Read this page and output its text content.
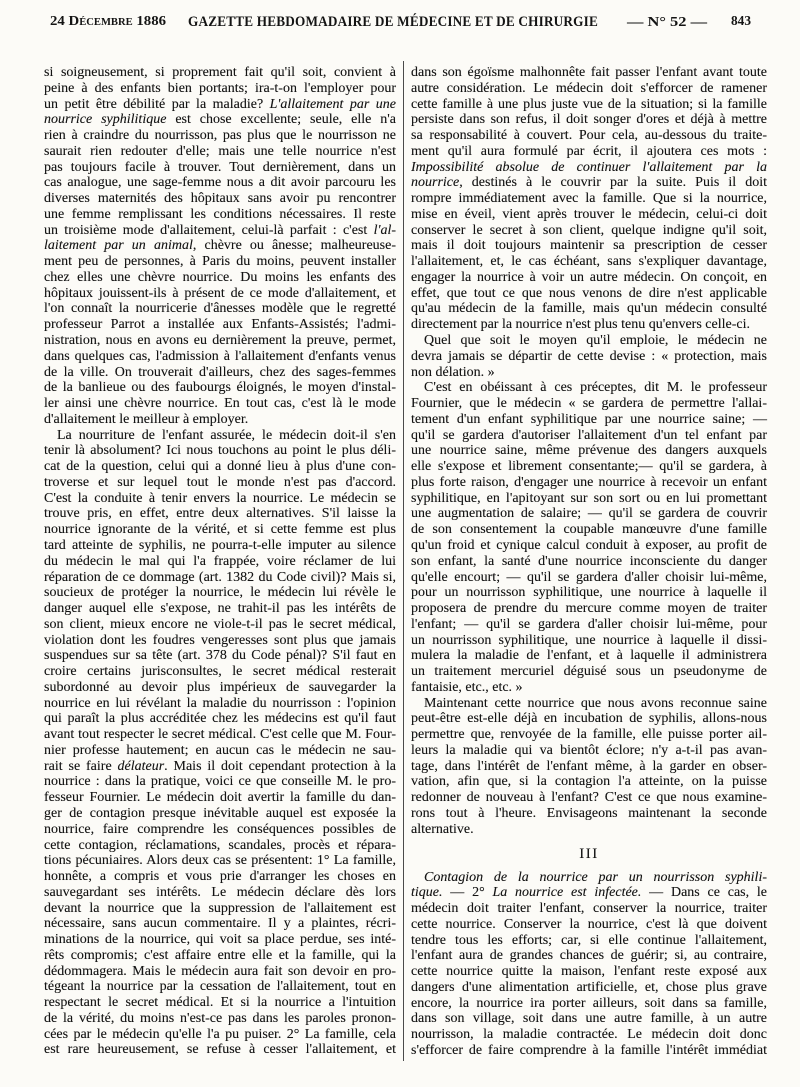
24 Décembre 1886 GAZETTE HEBDOMADAIRE DE MÉDECINE ET DE CHIRURGIE — N° 52 — 843
si soigneusement, si proprement fait qu'il soit, convient à
peine à des enfants bien portants; ira-t-on l'employer pour
un petit être débilité par la maladie? L'allaitement par une
nourrice syphilitique est chose excellente; seule, elle n'a
rien à craindre du nourrisson, pas plus que le nourrisson ne
saurait rien redouter d'elle; mais une telle nourrice n'est
pas toujours facile à trouver. Tout dernièrement, dans un
cas analogue, une sage-femme nous a dit avoir parcouru les
diverses maternités des hôpitaux sans avoir pu rencontrer
une femme remplissant les conditions nécessaires. Il reste
un troisième mode d'allaitement, celui-là parfait : c'est l'al-
laitement par un animal, chèvre ou ânesse; malheureuse-
ment peu de personnes, à Paris du moins, peuvent installer
chez elles une chèvre nourrice. Du moins les enfants des
hôpitaux jouissent-ils à présent de ce mode d'allaitement, et
l'on connaît la nourricerie d'ânesses modèle que le regretté
professeur Parrot a installée aux Enfants-Assistés; l'admi-
nistration, nous en avons eu dernièrement la preuve, permet,
dans quelques cas, l'admission à l'allaitement d'enfants venus
de la ville. On trouverait d'ailleurs, chez des sages-femmes
de la banlieue ou des faubourgs éloignés, le moyen d'instal-
ler ainsi une chèvre nourrice. En tout cas, c'est là le mode
d'allaitement le meilleur à employer.
La nourriture de l'enfant assurée, le médecin doit-il s'en
tenir là absolument? Ici nous touchons au point le plus déli-
cat de la question, celui qui a donné lieu à plus d'une con-
troverse et sur lequel tout le monde n'est pas d'accord.
C'est la conduite à tenir envers la nourrice. Le médecin se
trouve pris, en effet, entre deux alternatives. S'il laisse la
nourrice ignorante de la vérité, et si cette femme est plus
tard atteinte de syphilis, ne pourra-t-elle imputer au silence
du médecin le mal qui l'a frappée, voire réclamer de lui
réparation de ce dommage (art. 1382 du Code civil)? Mais si,
soucieux de protéger la nourrice, le médecin lui révèle le
danger auquel elle s'expose, ne trahit-il pas les intérêts de
son client, mieux encore ne viole-t-il pas le secret médical,
violation dont les foudres vengeresses sont plus que jamais
suspendues sur sa tête (art. 378 du Code pénal)? S'il faut en
croire certains jurisconsultes, le secret médical resterait
subordonné au devoir plus impérieux de sauvegarder la
nourrice en lui révélant la maladie du nourrisson : l'opinion
qui paraît la plus accréditée chez les médecins est qu'il faut
avant tout respecter le secret médical. C'est celle que M. Four-
nier professe hautement; en aucun cas le médecin ne sau-
rait se faire délateur. Mais il doit cependant protection à la
nourrice : dans la pratique, voici ce que conseille M. le pro-
fesseur Fournier. Le médecin doit avertir la famille du dan-
ger de contagion presque inévitable auquel est exposée la
nourrice, faire comprendre les conséquences possibles de
cette contagion, réclamations, scandales, procès et répara-
tions pécuniaires. Alors deux cas se présentent: 1° La famille,
honnête, a compris et vous prie d'arranger les choses en
sauvegardant ses intérêts. Le médecin déclare dès lors
devant la nourrice que la suppression de l'allaitement est
nécessaire, sans aucun commentaire. Il y a plaintes, récri-
minations de la nourrice, qui voit sa place perdue, ses inté-
rêts compromis; c'est affaire entre elle et la famille, qui la
dédommagera. Mais le médecin aura fait son devoir en pro-
tégeant la nourrice par la cessation de l'allaitement, tout en
respectant le secret médical. Et si la nourrice a l'intuition
de la vérité, du moins n'est-ce pas dans les paroles pronon-
cées par le médecin qu'elle l'a pu puiser. 2° La famille, cela
est rare heureusement, se refuse à cesser l'allaitement, et
dans son égoïsme malhonnête fait passer l'enfant avant toute
autre considération. Le médecin doit s'efforcer de ramener
cette famille à une plus juste vue de la situation; si la famille
persiste dans son refus, il doit songer d'ores et déjà à mettre
sa responsabilité à couvert. Pour cela, au-dessous du traite-
ment qu'il aura formulé par écrit, il ajoutera ces mots :
Impossibilité absolue de continuer l'allaitement par la
nourrice, destinés à le couvrir par la suite. Puis il doit
rompre immédiatement avec la famille. Que si la nourrice,
mise en éveil, vient après trouver le médecin, celui-ci doit
conserver le secret à son client, quelque indigne qu'il soit,
mais il doit toujours maintenir sa prescription de cesser
l'allaitement, et, le cas échéant, sans s'expliquer davantage,
engager la nourrice à voir un autre médecin. On conçoit, en
effet, que tout ce que nous venons de dire n'est applicable
qu'au médecin de la famille, mais qu'un médecin consulté
directement par la nourrice n'est plus tenu qu'envers celle-ci.
Quel que soit le moyen qu'il emploie, le médecin ne
devra jamais se départir de cette devise : « protection, mais
non délation. »
C'est en obéissant à ces préceptes, dit M. le professeur
Fournier, que le médecin « se gardera de permettre l'allai-
tement d'un enfant syphilitique par une nourrice saine; —
qu'il se gardera d'autoriser l'allaitement d'un tel enfant par
une nourrice saine, même prévenue des dangers auxquels
elle s'expose et librement consentante;— qu'il se gardera, à
plus forte raison, d'engager une nourrice à recevoir un enfant
syphilitique, en l'apitoyant sur son sort ou en lui promettant
une augmentation de salaire; — qu'il se gardera de couvrir
de son consentement la coupable manœuvre d'une famille
qu'un froid et cynique calcul conduit à exposer, au profit de
son enfant, la santé d'une nourrice inconsciente du danger
qu'elle encourt; — qu'il se gardera d'aller choisir lui-même,
pour un nourrisson syphilitique, une nourrice à laquelle il
proposera de prendre du mercure comme moyen de traiter
l'enfant; — qu'il se gardera d'aller choisir lui-même, pour
un nourrisson syphilitique, une nourrice à laquelle il dissi-
mulera la maladie de l'enfant, et à laquelle il administrera
un traitement mercuriel déguisé sous un pseudonyme de
fantaisie, etc., etc. »
Maintenant cette nourrice que nous avons reconnue saine
peut-être est-elle déjà en incubation de syphilis, allons-nous
permettre que, renvoyée de la famille, elle puisse porter ail-
leurs la maladie qui va bientôt éclore; n'y a-t-il pas avan-
tage, dans l'intérêt de l'enfant même, à la garder en obser-
vation, afin que, si la contagion l'a atteinte, on la puisse
redonner de nouveau à l'enfant? C'est ce que nous examine-
rons tout à l'heure. Envisageons maintenant la seconde
alternative.
III
Contagion de la nourrice par un nourrisson syphili-
tique. — 2° La nourrice est infectée. — Dans ce cas, le
médecin doit traiter l'enfant, conserver la nourrice, traiter
cette nourrice. Conserver la nourrice, c'est là que doivent
tendre tous les efforts; car, si elle continue l'allaitement,
l'enfant aura de grandes chances de guérir; si, au contraire,
cette nourrice quitte la maison, l'enfant reste exposé aux
dangers d'une alimentation artificielle, et, chose plus grave
encore, la nourrice ira porter ailleurs, soit dans sa famille,
dans son village, soit dans une autre famille, à un autre
nourrisson, la maladie contractée. Le médecin doit donc
s'efforcer de faire comprendre à la famille l'intérêt immédiat
